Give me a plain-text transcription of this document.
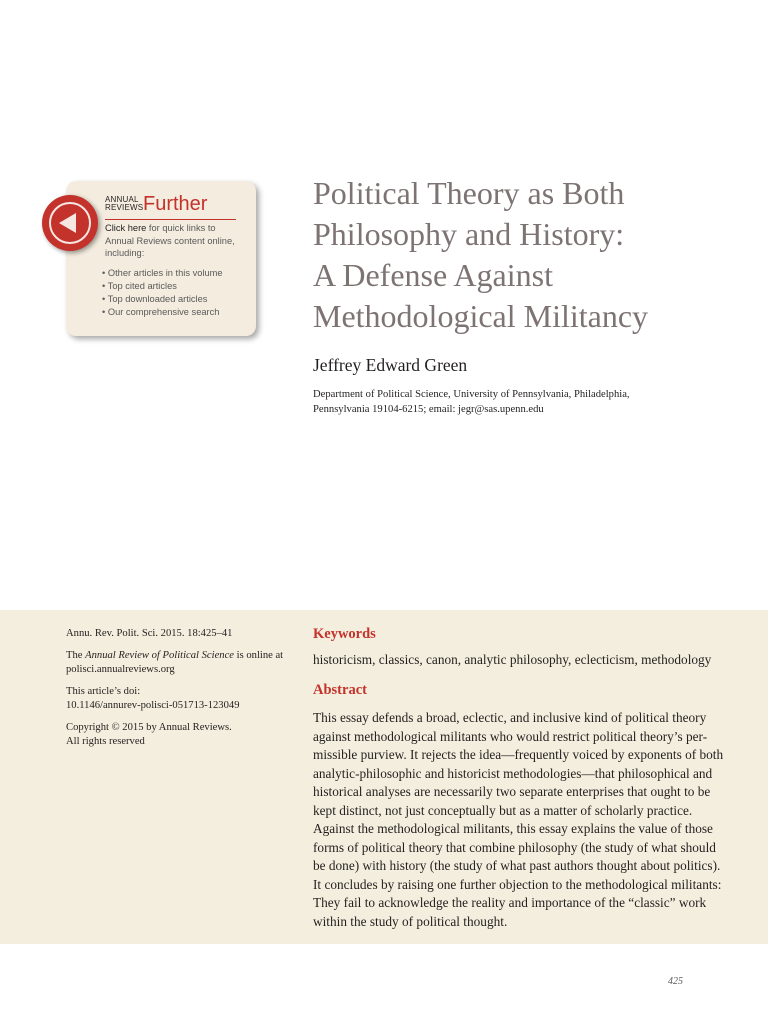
ANNUAL
REVIEWS Further
Click here for quick links to
Annual Reviews content online,
including:
• Other articles in this volume
• Top cited articles
• Top downloaded articles
• Our comprehensive search
Political Theory as Both
Philosophy and History:
A Defense Against
Methodological Militancy
Jeffrey Edward Green
Department of Political Science, University of Pennsylvania, Philadelphia,
Pennsylvania 19104-6215; email: jegr@sas.upenn.edu

Annu. Rev. Polit. Sci. 2015. 18:425–41

The Annual Review of Political Science is online at
polisci.annualreviews.org

This article’s doi:
10.1146/annurev-polisci-051713-123049

Copyright © 2015 by Annual Reviews.
All rights reserved

Keywords
historicism, classics, canon, analytic philosophy, eclecticism, methodology
Abstract
This essay defends a broad, eclectic, and inclusive kind of political theory
against methodological militants who would restrict political theory’s per-
missible purview. It rejects the idea—frequently voiced by exponents of both
analytic-philosophic and historicist methodologies—that philosophical and
historical analyses are necessarily two separate enterprises that ought to be
kept distinct, not just conceptually but as a matter of scholarly practice.
Against the methodological militants, this essay explains the value of those
forms of political theory that combine philosophy (the study of what should
be done) with history (the study of what past authors thought about politics).
It concludes by raising one further objection to the methodological militants:
They fail to acknowledge the reality and importance of the “classic” work
within the study of political thought.
425
